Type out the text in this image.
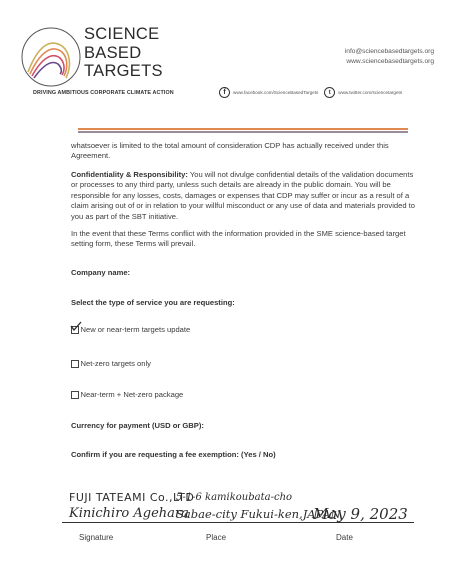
SCIENCE
BASED
TARGETS
DRIVING AMBITIOUS CORPORATE CLIMATE ACTION
info@sciencebasedtargets.org
www.sciencebasedtargets.org
f	www.facebook.com/ScienceBasedTargets	t	www.twitter.com/sciencetargets
whatsoever is limited to the total amount of consideration CDP has actually received under this Agreement.
Confidentiality & Responsibility: You will not divulge confidential details of the validation documents or processes to any third party, unless such details are already in the public domain. You will be responsible for any losses, costs, damages or expenses that CDP may suffer or incur as a result of a claim arising out of or in relation to your willful misconduct or any use of data and materials provided to you as part of the SBT initiative.
In the event that these Terms conflict with the information provided in the SME science-based target setting form, these Terms will prevail.
Company name:
Select the type of service you are requesting:
New or near-term targets update
Net-zero targets only
Near-term + Net-zero package
Currency for payment (USD or GBP):
Confirm if you are requesting a fee exemption: (Yes / No)
FUJI TATEAMI Co.,LTD
5-1-6 kamikoubata-cho
Kinichiro Agehara
Sabae-city Fukui-ken,JAPAN
May 9, 2023
Signature	Place	Date
